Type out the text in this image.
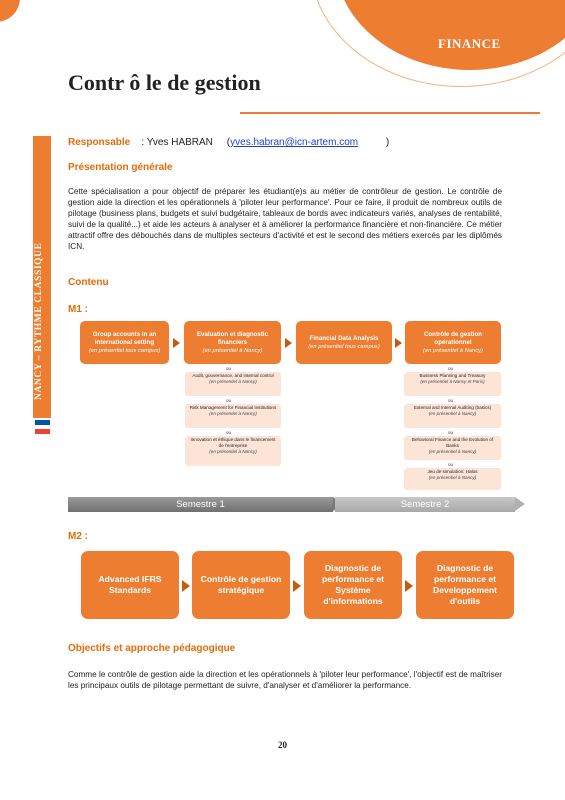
FINANCE
Contr ô le de gestion
NANCY – RYTHME CLASSIQUE
Responsable : Yves HABRAN     (yves.habran@icn-artem.com          )
Présentation générale
Cette spécialisation a pour objectif de préparer les étudiant(e)s au métier de contrôleur de gestion. Le contrôle de gestion aide la direction et les opérationnels à 'piloter leur performance'. Pour ce faire, il produit de nombreux outils de pilotage (business plans, budgets et suivi budgétaire, tableaux de bords avec indicateurs variés, analyses de rentabilité, suivi de la qualité...) et aide les acteurs à analyser et à améliorer la performance financière et non-financière. Ce métier attractif offre des débouchés dans de multiples secteurs d'activité et est le second des métiers exercés par les diplômés ICN.
Contenu
M1 :
Group accounts in an international setting
(en présentiel tous campus)
Evaluation et diagnostic financiers
(en présentiel à Nancy)
Financial Data Analysis
(en présentiel tous campus)
Contrôle de gestion opérationnel
(en présentiel à Nancy)
ou
Audit, gouvernance, and internal control
(en présentiel à Nancy)
ou
Risk Management for Financial Institutions
(en présentiel à Nancy)
ou
Innovation et éthique dans le financement de l'entreprise
(en présentiel à Nancy)
ou
Business Planning and Treasury
(en présentiel à Nancy et Paris)
ou
External and Internal Auditing (basics)
(en présentiel à Nancy)
ou
Behavioral Finance and the Evolution of Banks
(en présentiel à Nancy)
ou
Jeu de simulation: Halos
(en présentiel à Nancy)
Semestre 1	Semestre 2
M2 :
Advanced IFRS Standards
Contrôle de gestion stratégique
Diagnostic de performance et Système d'informations
Diagnostic de performance et Developpement d'outils
Objectifs et approche pédagogique
Comme le contrôle de gestion aide la direction et les opérationnels à 'piloter leur performance', l'objectif est de maîtriser les principaux outils de pilotage permettant de suivre, d'analyser et d'améliorer la performance.
20
